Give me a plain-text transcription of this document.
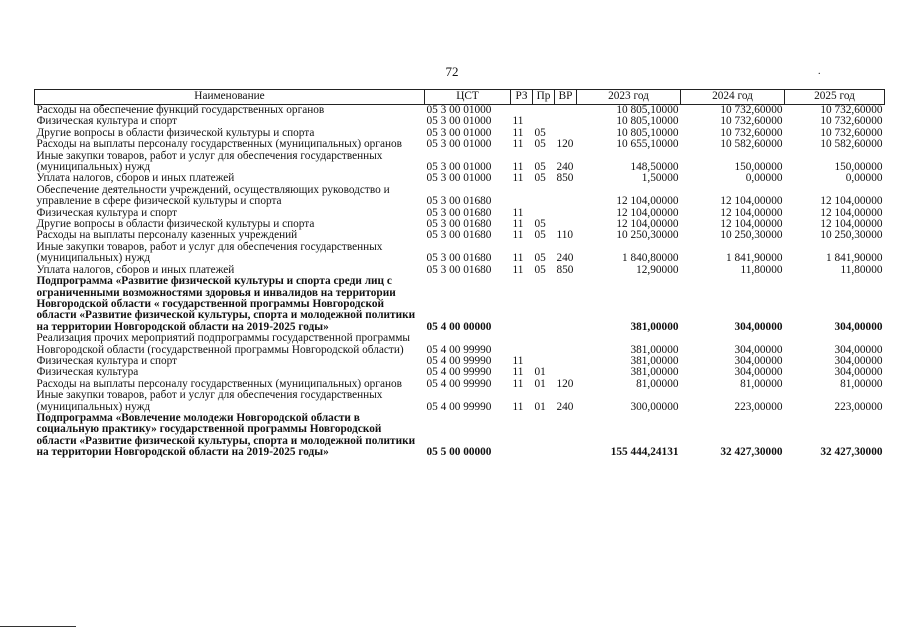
72	.
Наименование	ЦСТ	РЗ	Пр	ВР	2023 год	2024 год	2025 год
Расходы на обеспечение функций государственных органов	05 3 00 01000				10 805,10000	10 732,60000	10 732,60000
Физическая культура и спорт	05 3 00 01000	11			10 805,10000	10 732,60000	10 732,60000
Другие вопросы в области физической культуры и спорта	05 3 00 01000	11	05		10 805,10000	10 732,60000	10 732,60000
Расходы на выплаты персоналу государственных (муниципальных) органов	05 3 00 01000	11	05	120	10 655,10000	10 582,60000	10 582,60000
Иные закупки товаров, работ и услуг для обеспечения государственных (муниципальных) нужд	05 3 00 01000	11	05	240	148,50000	150,00000	150,00000
Уплата налогов, сборов и иных платежей	05 3 00 01000	11	05	850	1,50000	0,00000	0,00000
Обеспечение деятельности учреждений, осуществляющих руководство и управление в сфере физической культуры и спорта	05 3 00 01680				12 104,00000	12 104,00000	12 104,00000
Физическая культура и спорт	05 3 00 01680	11			12 104,00000	12 104,00000	12 104,00000
Другие вопросы в области физической культуры и спорта	05 3 00 01680	11	05		12 104,00000	12 104,00000	12 104,00000
Расходы на выплаты персоналу казенных учреждений	05 3 00 01680	11	05	110	10 250,30000	10 250,30000	10 250,30000
Иные закупки товаров, работ и услуг для обеспечения государственных (муниципальных) нужд	05 3 00 01680	11	05	240	1 840,80000	1 841,90000	1 841,90000
Уплата налогов, сборов и иных платежей	05 3 00 01680	11	05	850	12,90000	11,80000	11,80000
Подпрограмма «Развитие физической культуры и спорта среди лиц с ограниченными возможностями здоровья и инвалидов на территории Новгородской области « государственной программы Новгородской области «Развитие физической культуры, спорта и молодежной политики на территории Новгородской области на 2019-2025 годы»	05 4 00 00000				381,00000	304,00000	304,00000
Реализация прочих мероприятий подпрограммы государственной программы Новгородской области (государственной программы Новгородской области)	05 4 00 99990				381,00000	304,00000	304,00000
Физическая культура и спорт	05 4 00 99990	11			381,00000	304,00000	304,00000
Физическая культура	05 4 00 99990	11	01		381,00000	304,00000	304,00000
Расходы на выплаты персоналу государственных (муниципальных) органов	05 4 00 99990	11	01	120	81,00000	81,00000	81,00000
Иные закупки товаров, работ и услуг для обеспечения государственных (муниципальных) нужд	05 4 00 99990	11	01	240	300,00000	223,00000	223,00000
Подпрограмма «Вовлечение молодежи Новгородской области в социальную практику» государственной программы Новгородской области «Развитие физической культуры, спорта и молодежной политики на территории Новгородской области на 2019-2025 годы»	05 5 00 00000				155 444,24131	32 427,30000	32 427,30000
